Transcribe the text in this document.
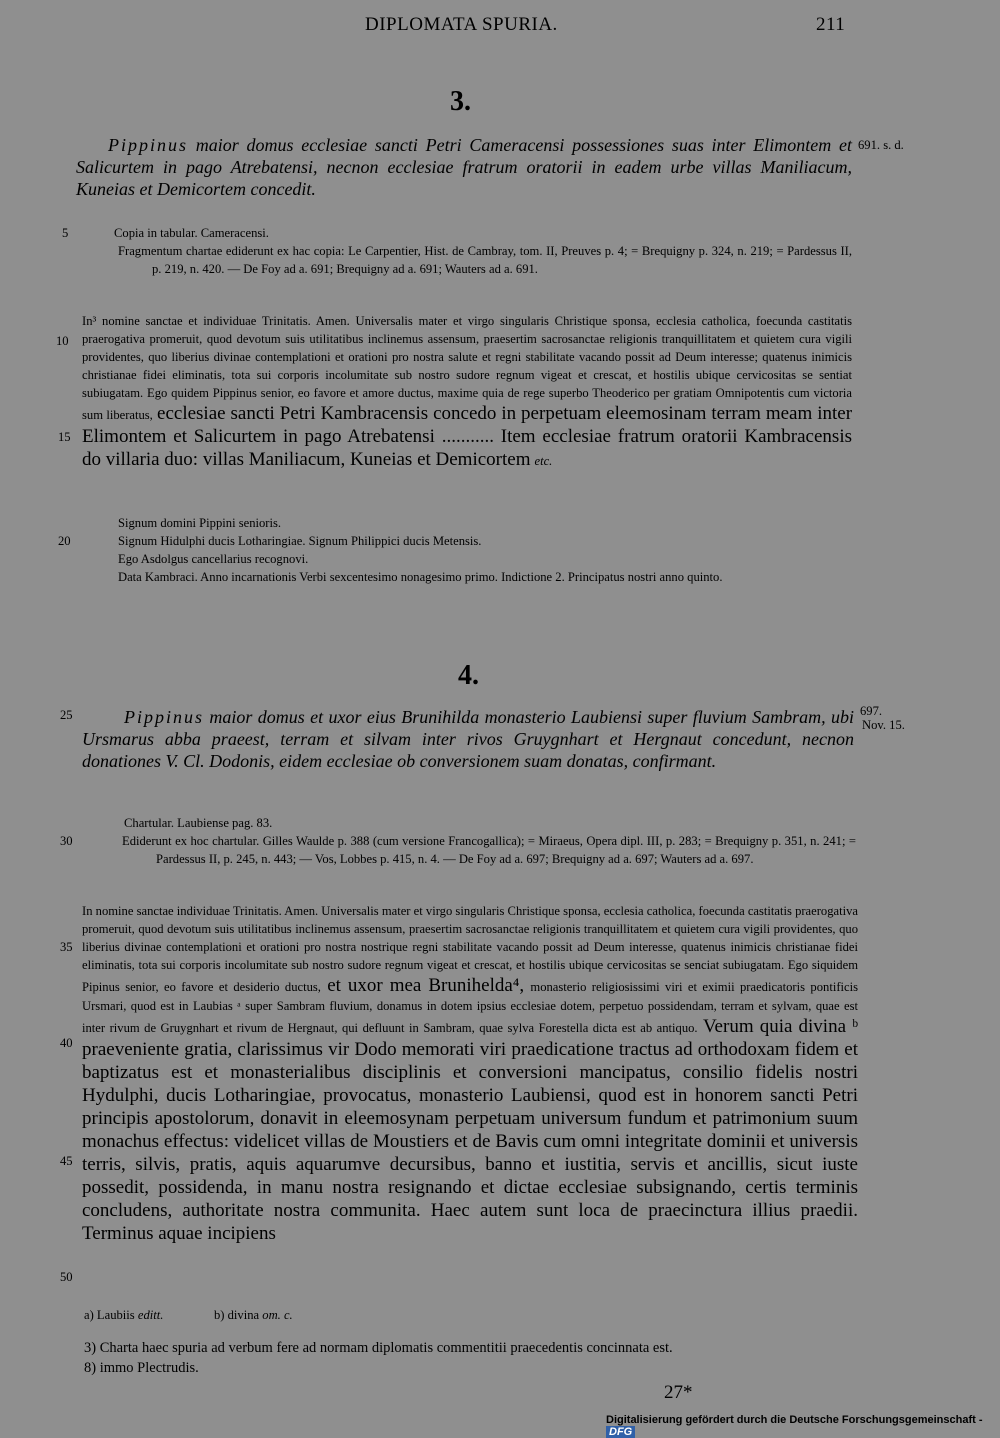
DIPLOMATA SPURIA.	211
3.
Pippinus maior domus ecclesiae sancti Petri Cameracensi possessiones suas inter Elimontem et Salicurtem in pago Atrebatensi, necnon ecclesiae fratrum oratorii in eadem urbe villas Maniliacum, Kuneias et Demicortem concedit.
691. s. d.

Copia in tabular. Cameracensi.

Fragmentum chartae ediderunt ex hac copia: Le Carpentier, Hist. de Cambray, tom. II, Preuves p. 4; = Brequigny p. 324, n. 219; = Pardessus II, p. 219, n. 420. — De Foy ad a. 691; Brequigny ad a. 691; Wauters ad a. 691.

In³ nomine sanctae et individuae Trinitatis. Amen. Universalis mater et virgo singularis Christique sponsa, ecclesia catholica, foecunda castitatis praerogativa promeruit, quod devotum suis utilitatibus inclinemus assensum, praesertim sacrosanctae religionis tranquillitatem et quietem cura vigili providentes, quo liberius divinae contemplationi et orationi pro nostra salute et regni stabilitate vacando possit ad Deum interesse; quatenus inimicis christianae fidei eliminatis, tota sui corporis incolumitate sub nostro sudore regnum vigeat et crescat, et hostilis ubique cervicositas se sentiat subiugatam. Ego quidem Pippinus senior, eo favore et amore ductus, maxime quia de rege superbo Theoderico per gratiam Omnipotentis cum victoria sum liberatus, ecclesiae sancti Petri Kambracensis concedo in perpetuam eleemosinam terram meam inter Elimontem et Salicurtem in pago Atrebatensi ........... Item ecclesiae fratrum oratorii Kambracensis do villaria duo: villas Maniliacum, Kuneias et Demicortem etc.

Signum domini Pippini senioris.

Signum Hidulphi ducis Lotharingiae. Signum Philippici ducis Metensis.

Ego Asdolgus cancellarius recognovi.

Data Kambraci. Anno incarnationis Verbi sexcentesimo nonagesimo primo. Indictione 2. Principatus nostri anno quinto.

4.
Pippinus maior domus et uxor eius Brunihilda monasterio Laubiensi super fluvium Sambram, ubi Ursmarus abba praeest, terram et silvam inter rivos Gruygnhart et Hergnaut concedunt, necnon donationes V. Cl. Dodonis, eidem ecclesiae ob conversionem suam donatas, confirmant.
697.
Nov. 15.

Chartular. Laubiense pag. 83.

Ediderunt ex hoc chartular. Gilles Waulde p. 388 (cum versione Francogallica); = Miraeus, Opera dipl. III, p. 283; = Brequigny p. 351, n. 241; = Pardessus II, p. 245, n. 443; — Vos, Lobbes p. 415, n. 4. — De Foy ad a. 697; Brequigny ad a. 697; Wauters ad a. 697.

In nomine sanctae individuae Trinitatis. Amen. Universalis mater et virgo singularis Christique sponsa, ecclesia catholica, foecunda castitatis praerogativa promeruit, quod devotum suis utilitatibus inclinemus assensum, praesertim sacrosanctae religionis tranquillitatem et quietem cura vigili providentes, quo liberius divinae contemplationi et orationi pro nostra nostrique regni stabilitate vacando possit ad Deum interesse, quatenus inimicis christianae fidei eliminatis, tota sui corporis incolumitate sub nostro sudore regnum vigeat et crescat, et hostilis ubique cervicositas se senciat subiugatam. Ego siquidem Pipinus senior, eo favore et desiderio ductus, et uxor mea Brunihelda⁴, monasterio religiosissimi viri et eximii praedicatoris pontificis Ursmari, quod est in Laubias ᵃ super Sambram fluvium, donamus in dotem ipsius ecclesiae dotem, perpetuo possidendam, terram et sylvam, quae est inter rivum de Gruygnhart et rivum de Hergnaut, qui defluunt in Sambram, quae sylva Forestella dicta est ab antiquo. Verum quia divina ᵇ praeveniente gratia, clarissimus vir Dodo memorati viri praedicatione tractus ad orthodoxam fidem et baptizatus est et monasterialibus disciplinis et conversioni mancipatus, consilio fidelis nostri Hydulphi, ducis Lotharingiae, provocatus, monasterio Laubiensi, quod est in honorem sancti Petri principis apostolorum, donavit in eleemosynam perpetuam universum fundum et patrimonium suum monachus effectus: videlicet villas de Moustiers et de Bavis cum omni integritate dominii et universis terris, silvis, pratis, aquis aquarumve decursibus, banno et iustitia, servis et ancillis, sicut iuste possedit, possidenda, in manu nostra resignando et dictae ecclesiae subsignando, certis terminis concludens, authoritate nostra communita. Haec autem sunt loca de praecinctura illius praedii. Terminus aquae incipiens
5
10
15
20
25
30
35
40
45
50
a) Laubiis editt.	b) divina om. c.

3) Charta haec spuria ad verbum fere ad normam diplomatis commentitii praecedentis concinnata est.

8) immo Plectrudis.

27*
Digitalisierung gefördert durch die Deutsche Forschungsgemeinschaft - DFG
